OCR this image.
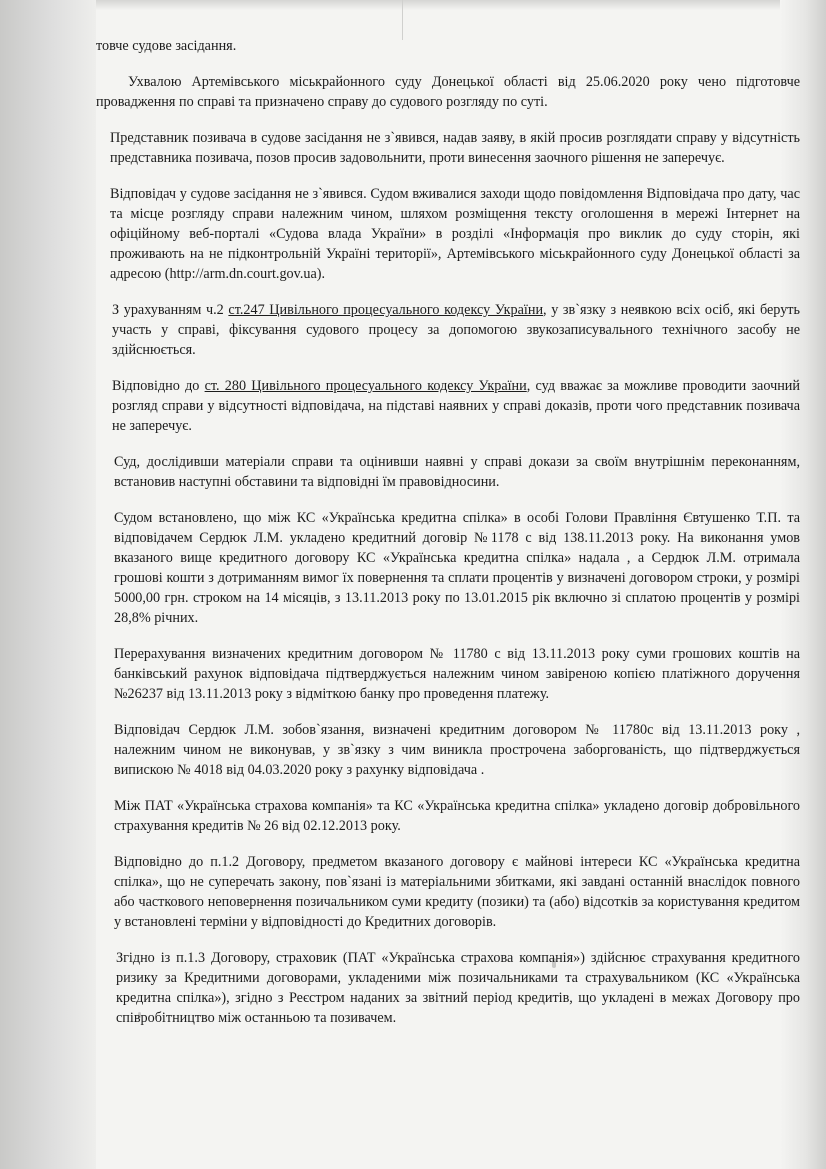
товче судове засідання.

Ухвалою Артемівського міськрайонного суду Донецької області від 25.06.2020 року чено підготовче провадження по справі та призначено справу до судового розгляду по суті.

Представник позивача в судове засідання не з`явився, надав заяву, в якій просив розглядати справу у відсутність представника позивача, позов просив задовольнити, проти винесення заочного рішення не заперечує.

Відповідач у судове засідання не з`явився. Судом вживалися заходи щодо повідомлення Відповідача про дату, час та місце розгляду справи належним чином, шляхом розміщення тексту оголошення в мережі Інтернет на офіційному веб-порталі «Судова влада України» в розділі «Інформація про виклик до суду сторін, які проживають на не підконтрольній Україні території», Артемівського міськрайонного суду Донецької області за адресою (http://arm.dn.court.gov.ua).

З урахуванням ч.2 ст.247 Цивільного процесуального кодексу України, у зв`язку з неявкою всіх осіб, які беруть участь у справі, фіксування судового процесу за допомогою звукозаписувального технічного засобу не здійснюється.

Відповідно до ст. 280 Цивільного процесуального кодексу України, суд вважає за можливе проводити заочний розгляд справи у відсутності відповідача, на підставі наявних у справі доказів, проти чого представник позивача не заперечує.

Суд, дослідивши матеріали справи та оцінивши наявні у справі докази за своїм внутрішнім переконанням, встановив наступні обставини та відповідні їм правовідносини.

Судом встановлено, що між КС «Українська кредитна спілка» в особі Голови Правління Євтушенко Т.П. та відповідачем Сердюк Л.М. укладено кредитний договір №1178 с від 138.11.2013 року. На виконання умов вказаного вище кредитного договору КС «Українська кредитна спілка» надала , а Сердюк Л.М. отримала грошові кошти з дотриманням вимог їх повернення та сплати процентів у визначені договором строки, у розмірі 5000,00 грн. строком на 14 місяців, з 13.11.2013 року по 13.01.2015 рік включно зі сплатою процентів у розмірі 28,8% річних.

Перерахування визначених кредитним договором № 11780 с від 13.11.2013 року суми грошових коштів на банківський рахунок відповідача підтверджується належним чином завіреною копією платіжного доручення №26237 від 13.11.2013 року з відміткою банку про проведення платежу.

Відповідач Сердюк Л.М. зобов`язання, визначені кредитним договором № 11780с від 13.11.2013 року , належним чином не виконував, у зв`язку з чим виникла прострочена заборгованість, що підтверджується випискою № 4018 від 04.03.2020 року з рахунку відповідача .

Між ПАТ «Українська страхова компанія» та КС «Українська кредитна спілка» укладено договір добровільного страхування кредитів № 26 від 02.12.2013 року.

Відповідно до п.1.2 Договору, предметом вказаного договору є майнові інтереси КС «Українська кредитна спілка», що не суперечать закону, пов`язані із матеріальними збитками, які завдані останній внаслідок повного або часткового неповернення позичальником суми кредиту (позики) та (або) відсотків за користування кредитом у встановлені терміни у відповідності до Кредитних договорів.

Згідно із п.1.3 Договору, страховик (ПАТ «Українська страхова компанія») здійснює страхування кредитного ризику за Кредитними договорами, укладеними між позичальниками та страхувальником (КС «Українська кредитна спілка»), згідно з Реєстром наданих за звітний період кредитів, що укладені в межах Договору про співробітництво між останньою та позивачем.
